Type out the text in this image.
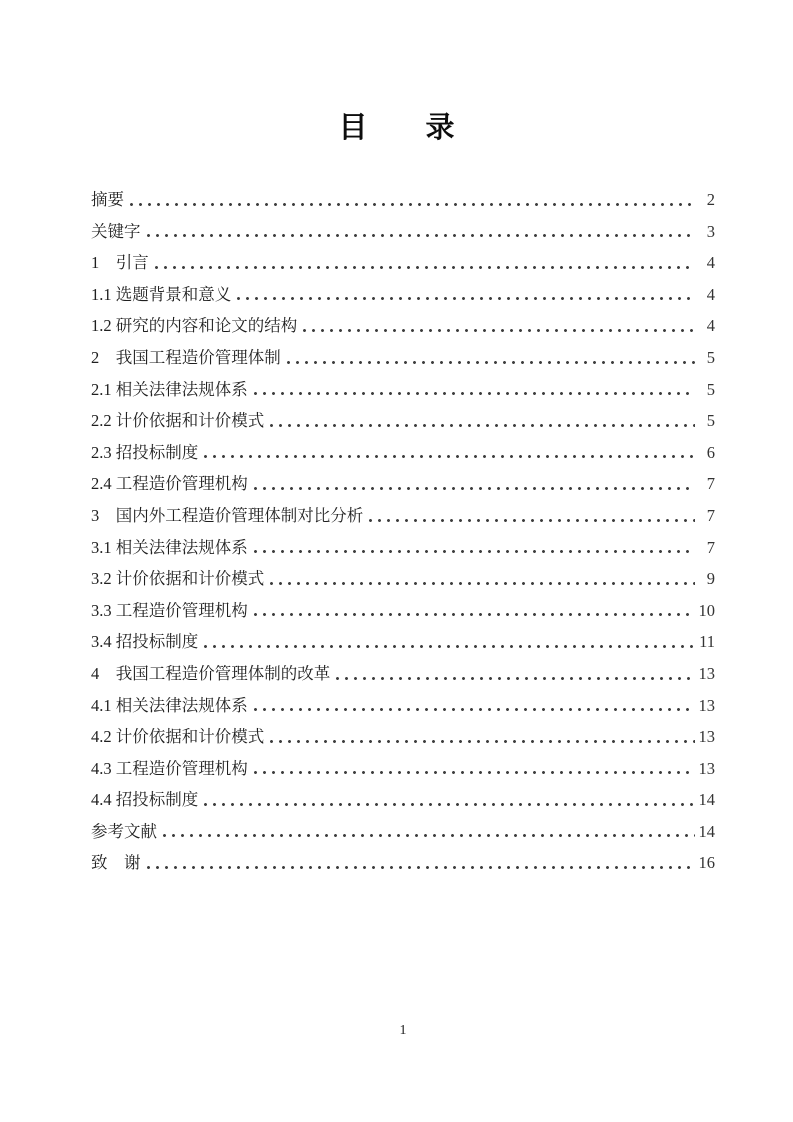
目　　录
摘要	2
关键字	3
1　引言	4
1.1 选题背景和意义	4
1.2 研究的内容和论文的结构	4
2　我国工程造价管理体制	5
2.1 相关法律法规体系	5
2.2 计价依据和计价模式	5
2.3 招投标制度	6
2.4 工程造价管理机构	7
3　国内外工程造价管理体制对比分析	7
3.1 相关法律法规体系	7
3.2 计价依据和计价模式	9
3.3 工程造价管理机构	10
3.4 招投标制度	11
4　我国工程造价管理体制的改革	13
4.1 相关法律法规体系	13
4.2 计价依据和计价模式	13
4.3 工程造价管理机构	13
4.4 招投标制度	14
参考文献	14
致　谢	16
1
